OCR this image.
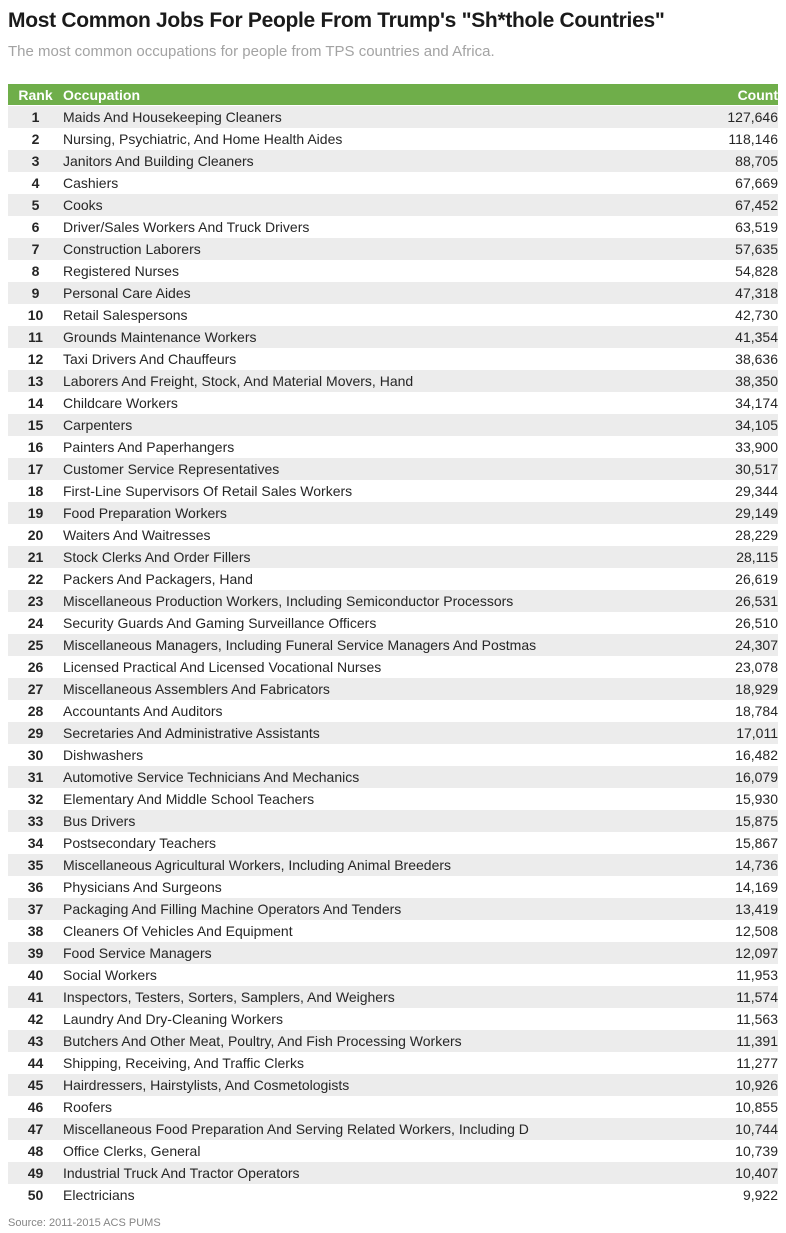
Most Common Jobs For People From Trump's "Sh*thole Countries"

The most common occupations for people from TPS countries and Africa.

Rank	Occupation	Count
1	Maids And Housekeeping Cleaners	127,646
2	Nursing, Psychiatric, And Home Health Aides	118,146
3	Janitors And Building Cleaners	88,705
4	Cashiers	67,669
5	Cooks	67,452
6	Driver/Sales Workers And Truck Drivers	63,519
7	Construction Laborers	57,635
8	Registered Nurses	54,828
9	Personal Care Aides	47,318
10	Retail Salespersons	42,730
11	Grounds Maintenance Workers	41,354
12	Taxi Drivers And Chauffeurs	38,636
13	Laborers And Freight, Stock, And Material Movers, Hand	38,350
14	Childcare Workers	34,174
15	Carpenters	34,105
16	Painters And Paperhangers	33,900
17	Customer Service Representatives	30,517
18	First-Line Supervisors Of Retail Sales Workers	29,344
19	Food Preparation Workers	29,149
20	Waiters And Waitresses	28,229
21	Stock Clerks And Order Fillers	28,115
22	Packers And Packagers, Hand	26,619
23	Miscellaneous Production Workers, Including Semiconductor Processors	26,531
24	Security Guards And Gaming Surveillance Officers	26,510
25	Miscellaneous Managers, Including Funeral Service Managers And Postmas	24,307
26	Licensed Practical And Licensed Vocational Nurses	23,078
27	Miscellaneous Assemblers And Fabricators	18,929
28	Accountants And Auditors	18,784
29	Secretaries And Administrative Assistants	17,011
30	Dishwashers	16,482
31	Automotive Service Technicians And Mechanics	16,079
32	Elementary And Middle School Teachers	15,930
33	Bus Drivers	15,875
34	Postsecondary Teachers	15,867
35	Miscellaneous Agricultural Workers, Including Animal Breeders	14,736
36	Physicians And Surgeons	14,169
37	Packaging And Filling Machine Operators And Tenders	13,419
38	Cleaners Of Vehicles And Equipment	12,508
39	Food Service Managers	12,097
40	Social Workers	11,953
41	Inspectors, Testers, Sorters, Samplers, And Weighers	11,574
42	Laundry And Dry-Cleaning Workers	11,563
43	Butchers And Other Meat, Poultry, And Fish Processing Workers	11,391
44	Shipping, Receiving, And Traffic Clerks	11,277
45	Hairdressers, Hairstylists, And Cosmetologists	10,926
46	Roofers	10,855
47	Miscellaneous Food Preparation And Serving Related Workers, Including D	10,744
48	Office Clerks, General	10,739
49	Industrial Truck And Tractor Operators	10,407
50	Electricians	9,922

Source: 2011-2015 ACS PUMS
